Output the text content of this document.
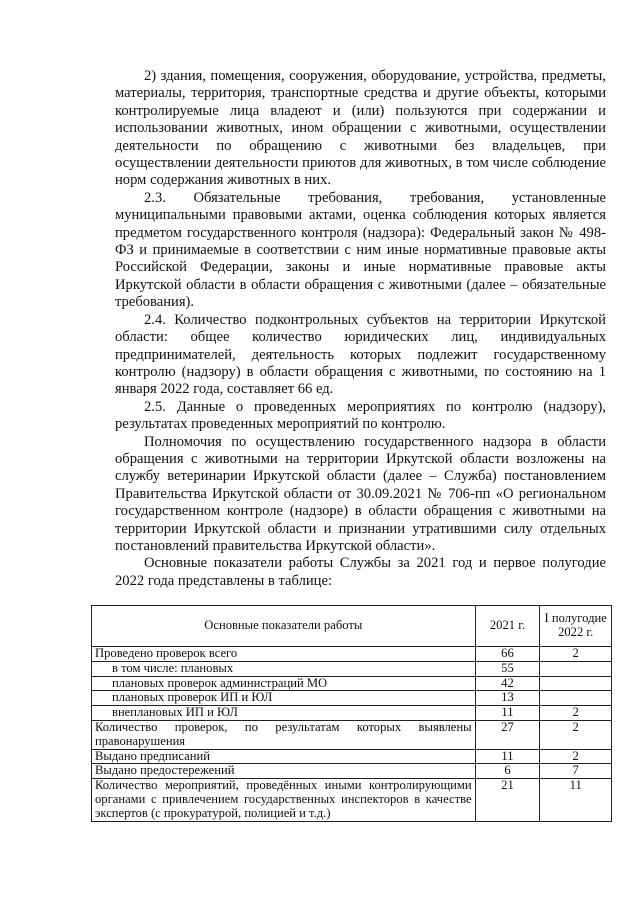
2) здания, помещения, сооружения, оборудование, устройства, предметы, материалы, территория, транспортные средства и другие объекты, которыми контролируемые лица владеют и (или) пользуются при содержании и использовании животных, ином обращении с животными, осуществлении деятельности по обращению с животными без владельцев, при осуществлении деятельности приютов для животных, в том числе соблюдение норм содержания животных в них.

2.3. Обязательные требования, требования, установленные муниципальными правовыми актами, оценка соблюдения которых является предметом государственного контроля (надзора): Федеральный закон № 498-ФЗ и принимаемые в соответствии с ним иные нормативные правовые акты Российской Федерации, законы и иные нормативные правовые акты Иркутской области в области обращения с животными (далее – обязательные требования).

2.4. Количество подконтрольных субъектов на территории Иркутской области: общее количество юридических лиц, индивидуальных предпринимателей, деятельность которых подлежит государственному контролю (надзору) в области обращения с животными, по состоянию на 1 января 2022 года, составляет 66 ед.

2.5. Данные о проведенных мероприятиях по контролю (надзору), результатах проведенных мероприятий по контролю.

Полномочия по осуществлению государственного надзора в области обращения с животными на территории Иркутской области возложены на службу ветеринарии Иркутской области (далее – Служба) постановлением Правительства Иркутской области от 30.09.2021 № 706-пп «О региональном государственном контроле (надзоре) в области обращения с животными на территории Иркутской области и признании утратившими силу отдельных постановлений правительства Иркутской области».

Основные показатели работы Службы за 2021 год и первое полугодие 2022 года представлены в таблице:

Основные показатели работы	2021 г.	I полугодие 2022 г.
Проведено проверок всего	66	2
в том числе: плановых	55	
плановых проверок администраций МО	42	
плановых проверок ИП и ЮЛ	13	
внеплановых ИП и ЮЛ	11	2
Количество проверок, по результатам которых выявлены правонарушения	27	2
Выдано предписаний	11	2
Выдано предостережений	6	7
Количество мероприятий, проведённых иными контролирующими органами с привлечением государственных инспекторов в качестве экспертов (с прокуратурой, полицией и т.д.)	21	11
